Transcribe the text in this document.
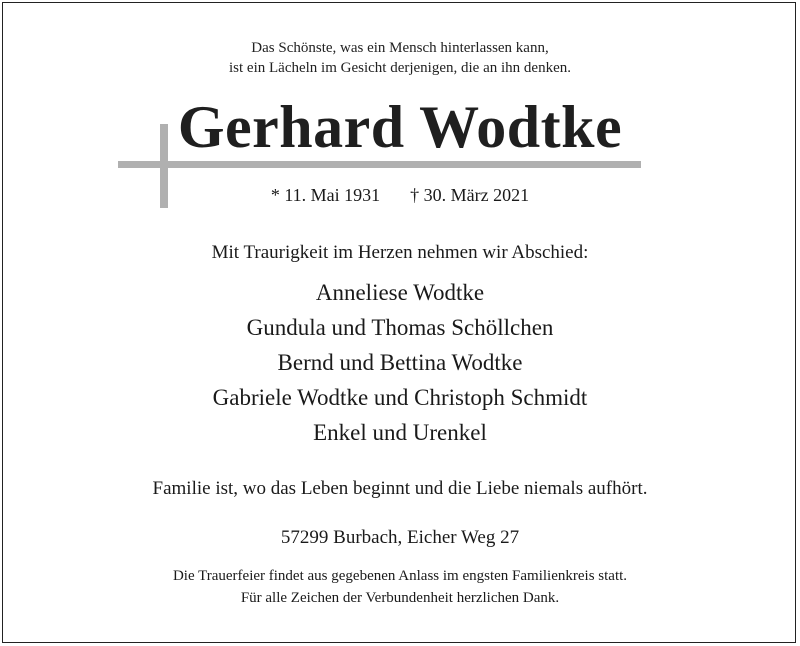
Das Schönste, was ein Mensch hinterlassen kann,
ist ein Lächeln im Gesicht derjenigen, die an ihn denken.
Gerhard Wodtke
* 11. Mai 1931 † 30. März 2021
Mit Traurigkeit im Herzen nehmen wir Abschied:
Anneliese Wodtke
Gundula und Thomas Schöllchen
Bernd und Bettina Wodtke
Gabriele Wodtke und Christoph Schmidt
Enkel und Urenkel
Familie ist, wo das Leben beginnt und die Liebe niemals aufhört.
57299 Burbach, Eicher Weg 27
Die Trauerfeier findet aus gegebenen Anlass im engsten Familienkreis statt.
Für alle Zeichen der Verbundenheit herzlichen Dank.
